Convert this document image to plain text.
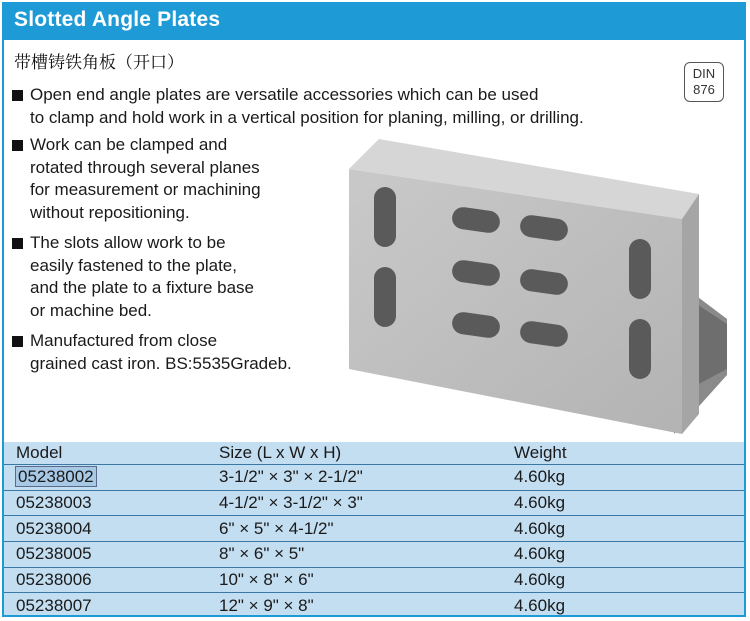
Slotted Angle Plates
带槽铸铁角板（开口）
DIN
876
Open end angle plates are versatile accessories which can be used
to clamp and hold work in a vertical position for planing, milling, or drilling.
Work can be clamped and
rotated through several planes
for measurement or machining
without repositioning.
The slots allow work to be
easily fastened to the plate,
and the plate to a fixture base
or machine bed.
Manufactured from close
grained cast iron. BS:5535Gradeb.
Model	Size (L x W x H)	Weight
05238002	3-1/2" × 3" × 2-1/2"	4.60kg
05238003	4-1/2" × 3-1/2" × 3"	4.60kg
05238004	6" × 5" × 4-1/2"	4.60kg
05238005	8" × 6" × 5"	4.60kg
05238006	10" × 8" × 6"	4.60kg
05238007	12" × 9" × 8"	4.60kg
